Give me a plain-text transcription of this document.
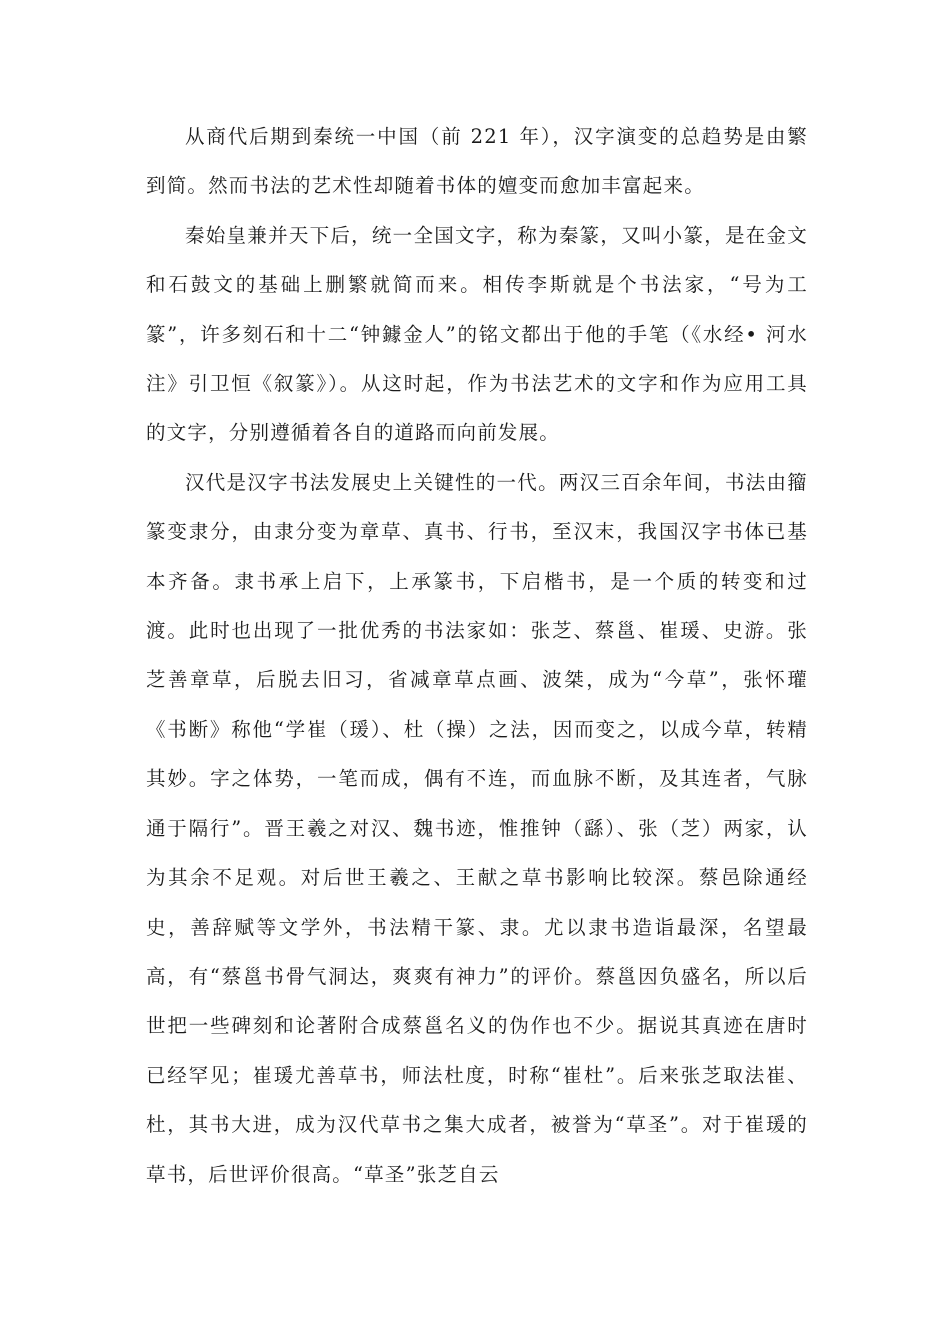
从商代后期到秦统一中国（前 221 年），汉字演变的总趋势是由繁到简。然而书法的艺术性却随着书体的嬗变而愈加丰富起来。

秦始皇兼并天下后，统一全国文字，称为秦篆，又叫小篆，是在金文和石鼓文的基础上删繁就简而来。相传李斯就是个书法家，“号为工篆”，许多刻石和十二“钟鐻金人”的铭文都出于他的手笔（《水经• 河水注》引卫恒《叙篆》）。从这时起，作为书法艺术的文字和作为应用工具的文字，分别遵循着各自的道路而向前发展。

汉代是汉字书法发展史上关键性的一代。两汉三百余年间，书法由籀篆变隶分，由隶分变为章草、真书、行书，至汉末，我国汉字书体已基本齐备。隶书承上启下，上承篆书，下启楷书，是一个质的转变和过渡。此时也出现了一批优秀的书法家如：张芝、蔡邕、崔瑗、史游。张芝善章草，后脱去旧习，省减章草点画、波桀，成为“今草”，张怀瓘《书断》称他“学崔（瑗）、杜（操）之法，因而变之，以成今草，转精其妙。字之体势，一笔而成，偶有不连，而血脉不断，及其连者，气脉通于隔行”。晋王羲之对汉、魏书迹，惟推钟（繇）、张（芝）两家，认为其余不足观。对后世王羲之、王献之草书影响比较深。蔡邑除通经史，善辞赋等文学外，书法精干篆、隶。尤以隶书造诣最深，名望最高，有“蔡邕书骨气洞达，爽爽有神力”的评价。蔡邕因负盛名，所以后世把一些碑刻和论著附合成蔡邕名义的伪作也不少。据说其真迹在唐时已经罕见；崔瑗尤善草书，师法杜度，时称“崔杜”。后来张芝取法崔、杜，其书大进，成为汉代草书之集大成者，被誉为“草圣”。对于崔瑗的草书，后世评价很高。“草圣”张芝自云
